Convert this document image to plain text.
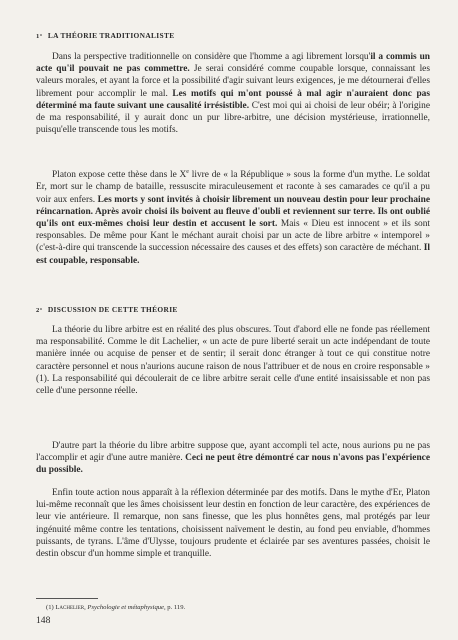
1° LA THÉORIE TRADITIONALISTE

Dans la perspective traditionnelle on considère que l'homme a agi librement lorsqu'il a commis un acte qu'il pouvait ne pas commettre. Je serai considéré comme coupable lorsque, connaissant les valeurs morales, et ayant la force et la possibilité d'agir suivant leurs exigences, je me détournerai d'elles librement pour accomplir le mal. Les motifs qui m'ont poussé à mal agir n'auraient donc pas déterminé ma faute suivant une causalité irrésistible. C'est moi qui ai choisi de leur obéir; à l'origine de ma responsabilité, il y aurait donc un pur libre-arbitre, une décision mystérieuse, irrationnelle, puisqu'elle transcende tous les motifs.

Platon expose cette thèse dans le Xe livre de « la République » sous la forme d'un mythe. Le soldat Er, mort sur le champ de bataille, ressuscite miraculeusement et raconte à ses camarades ce qu'il a pu voir aux enfers. Les morts y sont invités à choisir librement un nouveau destin pour leur prochaine réincarnation. Après avoir choisi ils boivent au fleuve d'oubli et reviennent sur terre. Ils ont oublié qu'ils ont eux-mêmes choisi leur destin et accusent le sort. Mais « Dieu est innocent » et ils sont responsables. De même pour Kant le méchant aurait choisi par un acte de libre arbitre « intemporel » (c'est-à-dire qui transcende la succession nécessaire des causes et des effets) son caractère de méchant. Il est coupable, responsable.

2° DISCUSSION DE CETTE THÉORIE

La théorie du libre arbitre est en réalité des plus obscures. Tout d'abord elle ne fonde pas réellement ma responsabilité. Comme le dit Lachelier, « un acte de pure liberté serait un acte indépendant de toute manière innée ou acquise de penser et de sentir; il serait donc étranger à tout ce qui constitue notre caractère personnel et nous n'aurions aucune raison de nous l'attribuer et de nous en croire responsable » (1). La responsabilité qui découlerait de ce libre arbitre serait celle d'une entité insaisissable et non pas celle d'une personne réelle.

D'autre part la théorie du libre arbitre suppose que, ayant accompli tel acte, nous aurions pu ne pas l'accomplir et agir d'une autre manière. Ceci ne peut être démontré car nous n'avons pas l'expérience du possible.

Enfin toute action nous apparaît à la réflexion déterminée par des motifs. Dans le mythe d'Er, Platon lui-même reconnaît que les âmes choisissent leur destin en fonction de leur caractère, des expériences de leur vie antérieure. Il remarque, non sans finesse, que les plus honnêtes gens, mal protégés par leur ingénuité même contre les tentations, choisissent naïvement le destin, au fond peu enviable, d'hommes puissants, de tyrans. L'âme d'Ulysse, toujours prudente et éclairée par ses aventures passées, choisit le destin obscur d'un homme simple et tranquille.

(1) Lachelier, Psychologie et métaphysique, p. 119.
148
